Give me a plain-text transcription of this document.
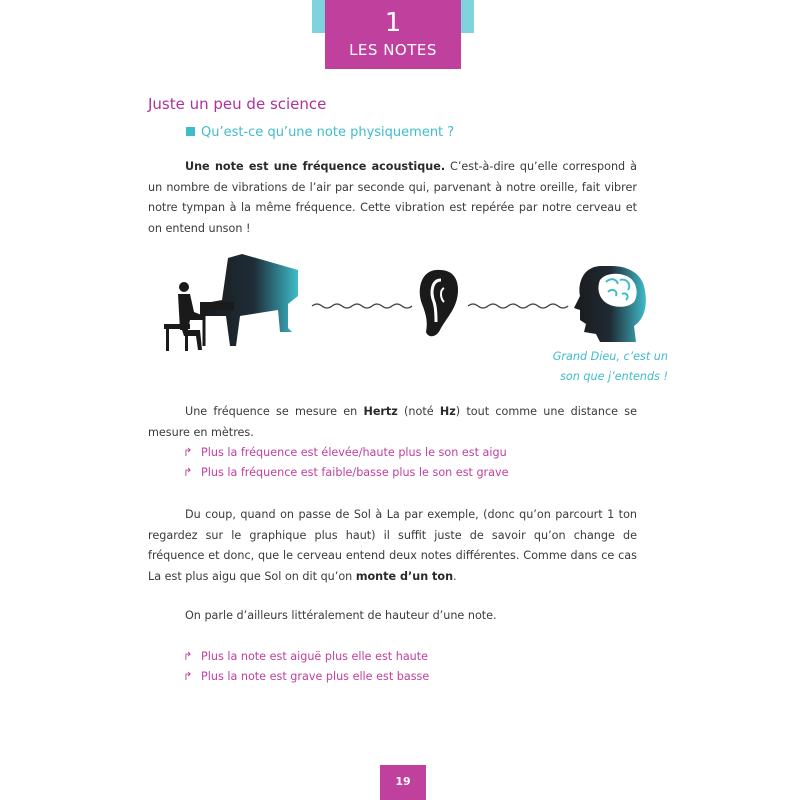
1
LES NOTES
Juste un peu de science
Qu’est-ce qu’une note physiquement ?
Une note est une fréquence acoustique. C’est-à-dire qu’elle correspond à un nombre de vibrations de l’air par seconde qui, parvenant à notre oreille, fait vibrer notre tympan à la même fréquence. Cette vibration est repérée par notre cerveau et on entend unson !
Grand Dieu, c’est un
son que j’entends !
Une fréquence se mesure en Hertz (noté Hz) tout comme une distance se mesure en mètres.
↱ Plus la fréquence est élevée/haute plus le son est aigu
↱ Plus la fréquence est faible/basse plus le son est grave
Du coup, quand on passe de Sol à La par exemple, (donc qu’on parcourt 1 ton regardez sur le graphique plus haut) il suffit juste de savoir qu’on change de fréquence et donc, que le cerveau entend deux notes différentes. Comme dans ce cas La est plus aigu que Sol on dit qu’on monte d’un ton.
On parle d’ailleurs littéralement de hauteur d’une note.
↱ Plus la note est aiguë plus elle est haute
↱ Plus la note est grave plus elle est basse
19
